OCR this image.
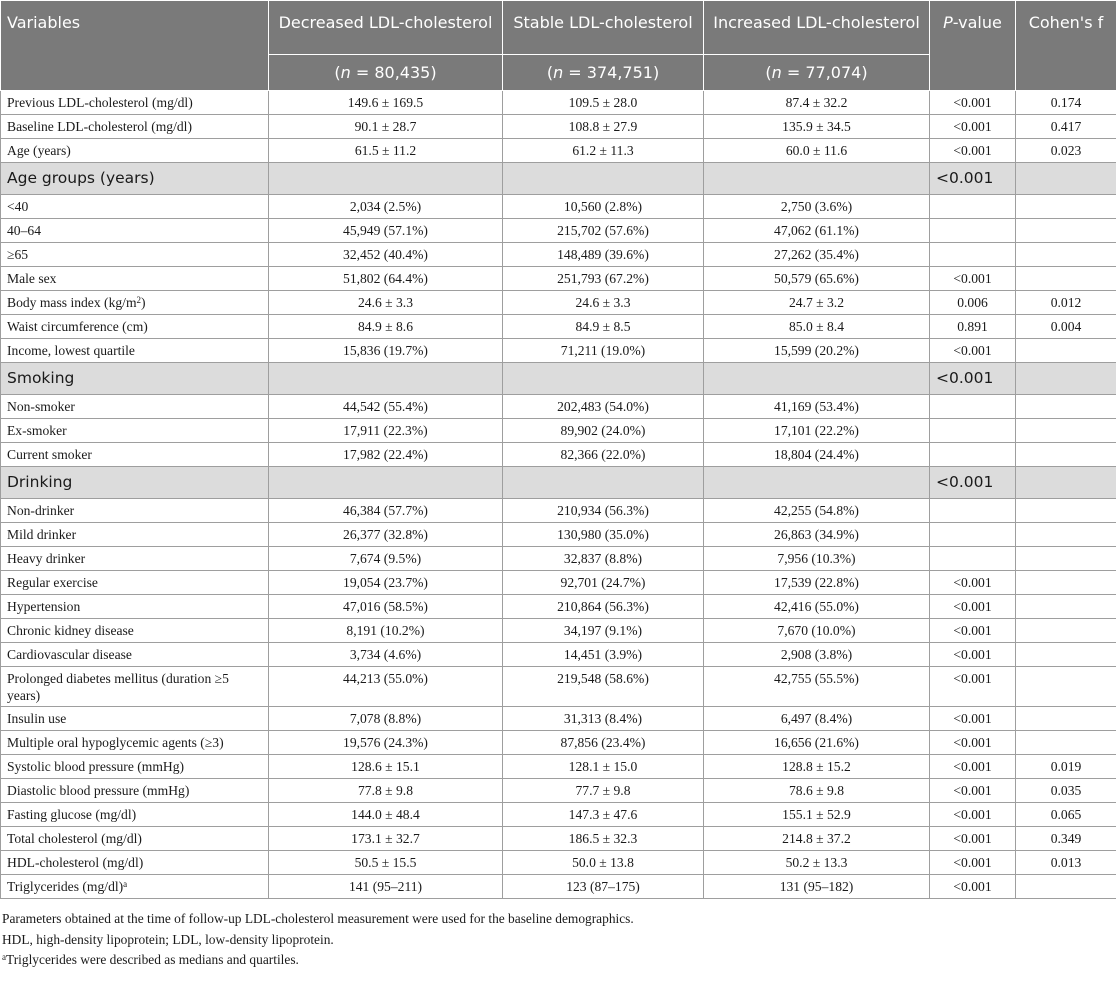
Variables	Decreased LDL-cholesterol	Stable LDL-cholesterol	Increased LDL-cholesterol	P-value	Cohen's f
	(n = 80,435)	(n = 374,751)	(n = 77,074)		
Previous LDL-cholesterol (mg/dl)	149.6 ± 169.5	109.5 ± 28.0	87.4 ± 32.2	<0.001	0.174
Baseline LDL-cholesterol (mg/dl)	90.1 ± 28.7	108.8 ± 27.9	135.9 ± 34.5	<0.001	0.417
Age (years)	61.5 ± 11.2	61.2 ± 11.3	60.0 ± 11.6	<0.001	0.023
Age groups (years)				<0.001	
<40	2,034 (2.5%)	10,560 (2.8%)	2,750 (3.6%)		
40–64	45,949 (57.1%)	215,702 (57.6%)	47,062 (61.1%)		
≥65	32,452 (40.4%)	148,489 (39.6%)	27,262 (35.4%)		
Male sex	51,802 (64.4%)	251,793 (67.2%)	50,579 (65.6%)	<0.001	
Body mass index $(kg/m^2)$	24.6 ± 3.3	24.6 ± 3.3	24.7 ± 3.2	0.006	0.012
Waist circumference (cm)	84.9 ± 8.6	84.9 ± 8.5	85.0 ± 8.4	0.891	0.004
Income, lowest quartile	15,836 (19.7%)	71,211 (19.0%)	15,599 (20.2%)	<0.001	
Smoking				<0.001	
Non-smoker	44,542 (55.4%)	202,483 (54.0%)	41,169 (53.4%)		
Ex-smoker	17,911 (22.3%)	89,902 (24.0%)	17,101 (22.2%)		
Current smoker	17,982 (22.4%)	82,366 (22.0%)	18,804 (24.4%)		
Drinking				<0.001	
Non-drinker	46,384 (57.7%)	210,934 (56.3%)	42,255 (54.8%)		
Mild drinker	26,377 (32.8%)	130,980 (35.0%)	26,863 (34.9%)		
Heavy drinker	7,674 (9.5%)	32,837 (8.8%)	7,956 (10.3%)		
Regular exercise	19,054 (23.7%)	92,701 (24.7%)	17,539 (22.8%)	<0.001	
Hypertension	47,016 (58.5%)	210,864 (56.3%)	42,416 (55.0%)	<0.001	
Chronic kidney disease	8,191 (10.2%)	34,197 (9.1%)	7,670 (10.0%)	<0.001	
Cardiovascular disease	3,734 (4.6%)	14,451 (3.9%)	2,908 (3.8%)	<0.001	
Prolonged diabetes mellitus (duration ≥5 years)	44,213 (55.0%)	219,548 (58.6%)	42,755 (55.5%)	<0.001	
Insulin use	7,078 (8.8%)	31,313 (8.4%)	6,497 (8.4%)	<0.001	
Multiple oral hypoglycemic agents (≥3)	19,576 (24.3%)	87,856 (23.4%)	16,656 (21.6%)	<0.001	
Systolic blood pressure (mmHg)	128.6 ± 15.1	128.1 ± 15.0	128.8 ± 15.2	<0.001	0.019
Diastolic blood pressure (mmHg)	77.8 ± 9.8	77.7 ± 9.8	78.6 ± 9.8	<0.001	0.035
Fasting glucose (mg/dl)	144.0 ± 48.4	147.3 ± 47.6	155.1 ± 52.9	<0.001	0.065
Total cholesterol (mg/dl)	173.1 ± 32.7	186.5 ± 32.3	214.8 ± 37.2	<0.001	0.349
HDL-cholesterol (mg/dl)	50.5 ± 15.5	50.0 ± 13.8	50.2 ± 13.3	<0.001	0.013
Triglycerides $(mg/dl)^a$	141 (95–211)	123 (87–175)	131 (95–182)	<0.001	
Parameters obtained at the time of follow-up LDL-cholesterol measurement were used for the baseline demographics.
HDL, high-density lipoprotein; LDL, low-density lipoprotein.
$^a$Triglycerides were described as medians and quartiles.
